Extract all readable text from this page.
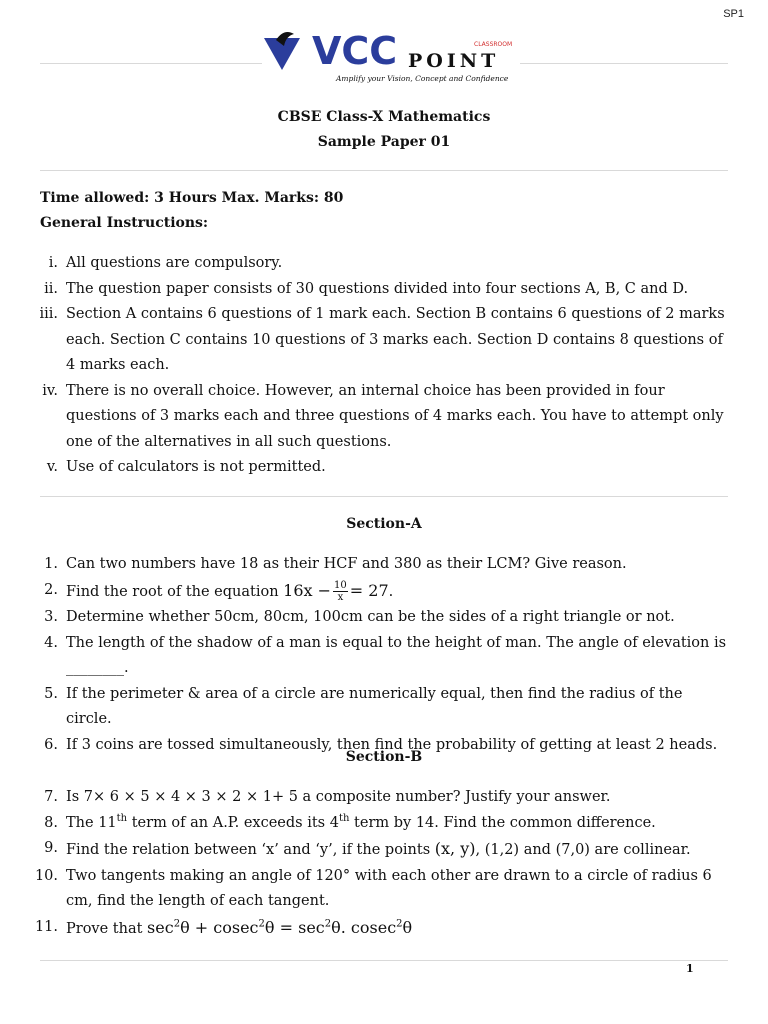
SP1
VCC POINT
CLASSROOM
Amplify your Vision, Concept and Confidence
CBSE Class-X Mathematics
Sample Paper 01
Time allowed: 3 Hours Max. Marks: 80
General Instructions:
i. All questions are compulsory.
ii. The question paper consists of 30 questions divided into four sections A, B, C and D.
iii. Section A contains 6 questions of 1 mark each. Section B contains 6 questions of 2 marks each. Section C contains 10 questions of 3 marks each. Section D contains 8 questions of 4 marks each.
iv. There is no overall choice. However, an internal choice has been provided in four questions of 3 marks each and three questions of 4 marks each. You have to attempt only one of the alternatives in all such questions.
v. Use of calculators is not permitted.
Section-A
1. Can two numbers have 18 as their HCF and 380 as their LCM? Give reason.
2. Find the root of the equation $16x - \frac{10}{x} = 27$.
3. Determine whether 50cm, 80cm, 100cm can be the sides of a right triangle or not.
4. The length of the shadow of a man is equal to the height of man. The angle of elevation is ________.
5. If the perimeter & area of a circle are numerically equal, then find the radius of the circle.
6. If 3 coins are tossed simultaneously, then find the probability of getting at least 2 heads.
Section-B
7. Is 7× 6 × 5 × 4 × 3 × 2 × 1+ 5 a composite number? Justify your answer.
8. The 11th term of an A.P. exceeds its 4th term by 14. Find the common difference.
9. Find the relation between ‘x’ and ‘y’, if the points (x, y), (1,2) and (7,0) are collinear.
10. Two tangents making an angle of 120° with each other are drawn to a circle of radius 6 cm, find the length of each tangent.
11. Prove that $\sec^2\theta + cosec^2\theta = \sec^2\theta$. cosec$^2$θ
1
